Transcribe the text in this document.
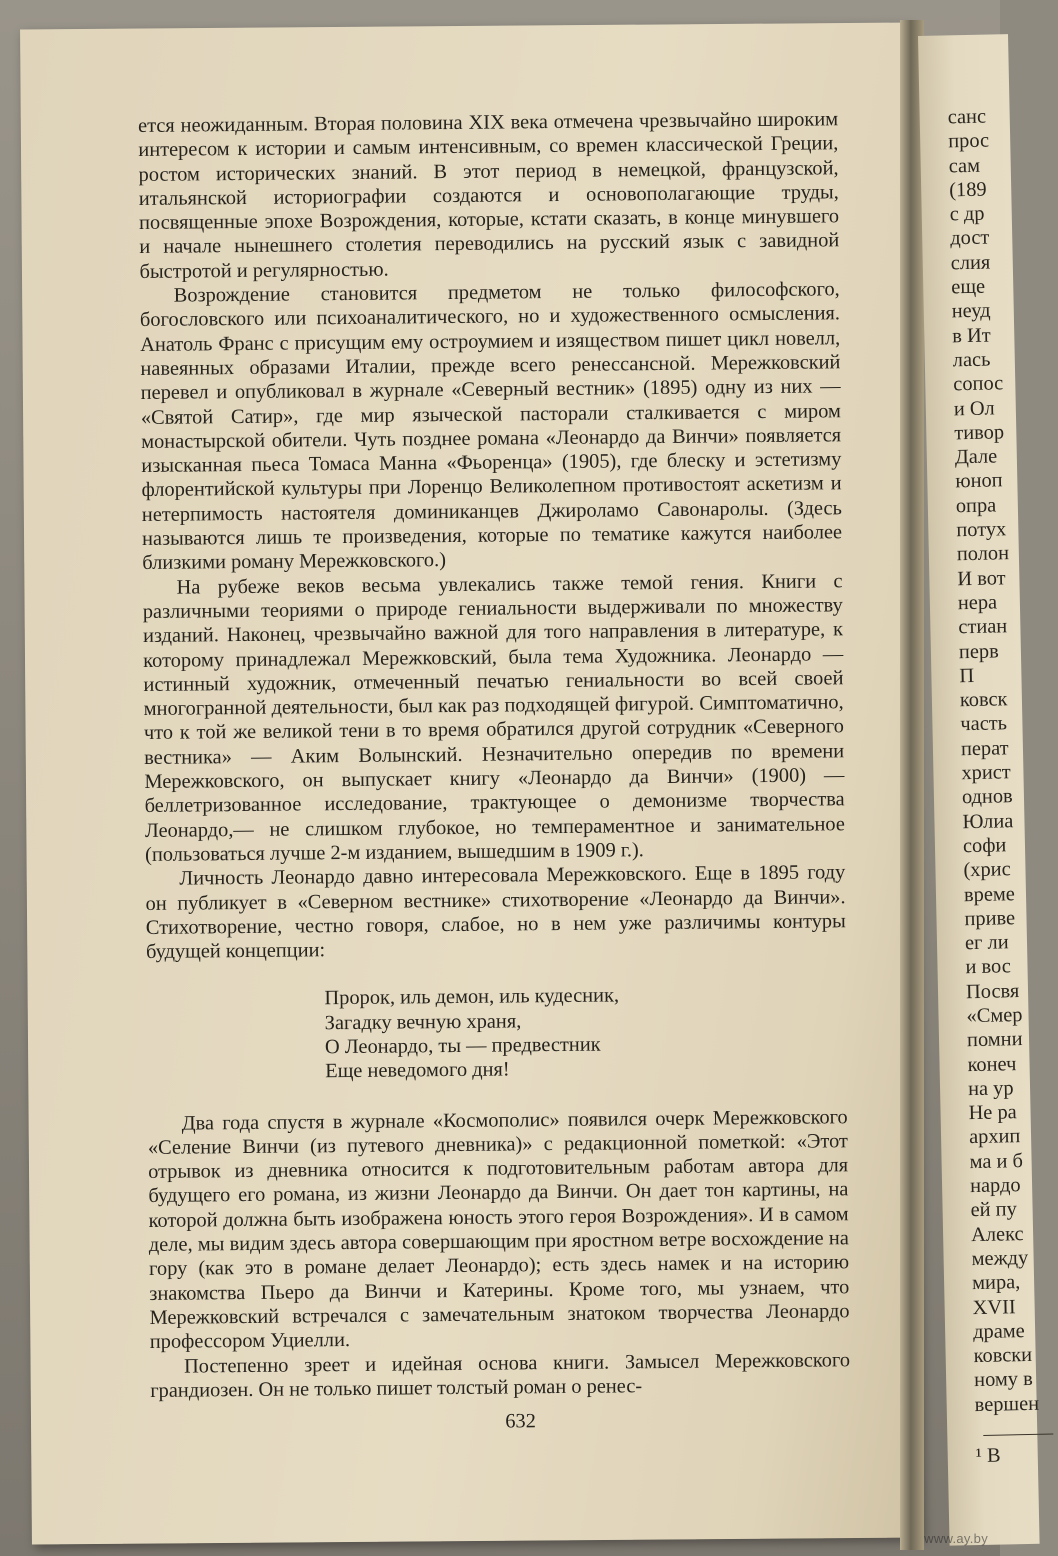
санс
прос
сам
(189
с др
дост
слия
еще
неуд
в Ит
лась
сопос
и Ол
тивор
Дале
юноп
опра
потух
полон
И вот
нера
стиан
перв
П
ковск
часть
перат
христ
однов
Юлиа
софи
(хрис
време
приве
ег ли
и вос
Посвя
«Смер
помни
конеч
на ур
Не ра
архип
ма и б
нардо
ей пу
Алекс
между
мира,
XVII
драме
ковски
ному в
вершен
¹ В

ется неожиданным. Вторая половина XIX века отмечена чрезвычайно широким интересом к истории и самым интенсивным, со времен классической Греции, ростом исторических знаний. В этот период в немецкой, французской, итальянской историографии создаются и основополагающие труды, посвященные эпохе Возрождения, которые, кстати сказать, в конце минувшего и начале нынешнего столетия переводились на русский язык с завидной быстротой и регулярностью.

Возрождение становится предметом не только философского, богословского или психоаналитического, но и художественного осмысления. Анатоль Франс с присущим ему остроумием и изяществом пишет цикл новелл, навеянных образами Италии, прежде всего ренессансной. Мережковский перевел и опубликовал в журнале «Северный вестник» (1895) одну из них — «Святой Сатир», где мир языческой пасторали сталкивается с миром монастырской обители. Чуть позднее романа «Леонардо да Винчи» появляется изысканная пьеса Томаса Манна «Фьоренца» (1905), где блеску и эстетизму флорентийской культуры при Лоренцо Великолепном противостоят аскетизм и нетерпимость настоятеля доминиканцев Джироламо Савонаролы. (Здесь называются лишь те произведения, которые по тематике кажутся наиболее близкими роману Мережковского.)

На рубеже веков весьма увлекались также темой гения. Книги с различными теориями о природе гениальности выдерживали по множеству изданий. Наконец, чрезвычайно важной для того направления в литературе, к которому принадлежал Мережковский, была тема Художника. Леонардо — истинный художник, отмеченный печатью гениальности во всей своей многогранной деятельности, был как раз подходящей фигурой. Симптоматично, что к той же великой тени в то время обратился другой сотрудник «Северного вестника» — Аким Волынский. Незначительно опередив по времени Мережковского, он выпускает книгу «Леонардо да Винчи» (1900) — беллетризованное исследование, трактующее о демонизме творчества Леонардо,— не слишком глубокое, но темпераментное и занимательное (пользоваться лучше 2-м изданием, вышедшим в 1909 г.).

Личность Леонардо давно интересовала Мережковского. Еще в 1895 году он публикует в «Северном вестнике» стихотворение «Леонардо да Винчи». Стихотворение, честно говоря, слабое, но в нем уже различимы контуры будущей концепции:

Пророк, иль демон, иль кудесник,
Загадку вечную храня,
О Леонардо, ты — предвестник
Еще неведомого дня!

Два года спустя в журнале «Космополис» появился очерк Мережковского «Селение Винчи (из путевого дневника)» с редакционной пометкой: «Этот отрывок из дневника относится к подготовительным работам автора для будущего его романа, из жизни Леонардо да Винчи. Он дает тон картины, на которой должна быть изображена юность этого героя Возрождения». И в самом деле, мы видим здесь автора совершающим при яростном ветре восхождение на гору (как это в романе делает Леонардо); есть здесь намек и на историю знакомства Пьеро да Винчи и Катерины. Кроме того, мы узнаем, что Мережковский встречался с замечательным знатоком творчества Леонардо профессором Уциелли.

Постепенно зреет и идейная основа книги. Замысел Мережковского грандиозен. Он не только пишет толстый роман о ренес-

632
www.ay.by
